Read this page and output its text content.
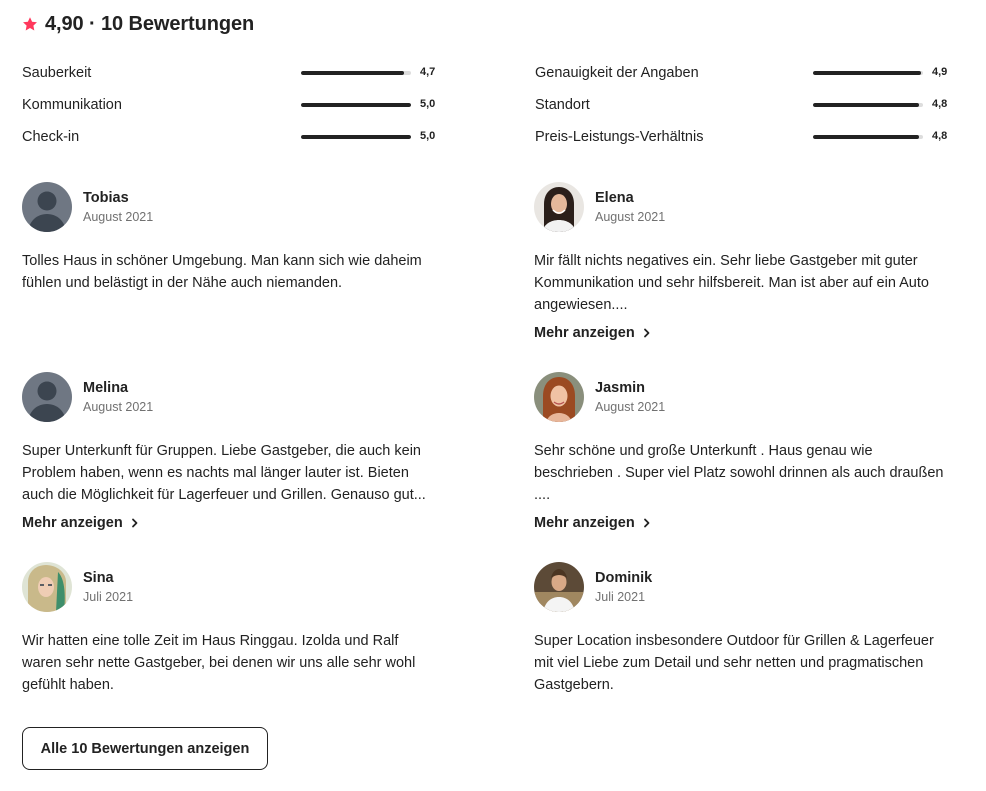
4,90 · 10 Bewertungen
Sauberkeit	4,7
Kommunikation	5,0
Check-in	5,0
Genauigkeit der Angaben	4,9
Standort	4,8
Preis-Leistungs-Verhältnis	4,8
Tobias
August 2021
Tolles Haus in schöner Umgebung. Man kann sich wie daheim fühlen und belästigt in der Nähe auch niemanden.
Elena
August 2021
Mir fällt nichts negatives ein. Sehr liebe Gastgeber mit guter Kommunikation und sehr hilfsbereit. Man ist aber auf ein Auto angewiesen....
Mehr anzeigen
Melina
August 2021
Super Unterkunft für Gruppen. Liebe Gastgeber, die auch kein Problem haben, wenn es nachts mal länger lauter ist. Bieten auch die Möglichkeit für Lagerfeuer und Grillen. Genauso gut...
Mehr anzeigen
Jasmin
August 2021
Sehr schöne und große Unterkunft . Haus genau wie beschrieben . Super viel Platz sowohl drinnen als auch draußen ....
Mehr anzeigen
Sina
Juli 2021
Wir hatten eine tolle Zeit im Haus Ringgau. Izolda und Ralf waren sehr nette Gastgeber, bei denen wir uns alle sehr wohl gefühlt haben.
Dominik
Juli 2021
Super Location insbesondere Outdoor für Grillen & Lagerfeuer mit viel Liebe zum Detail und sehr netten und pragmatischen Gastgebern.
Alle 10 Bewertungen anzeigen
